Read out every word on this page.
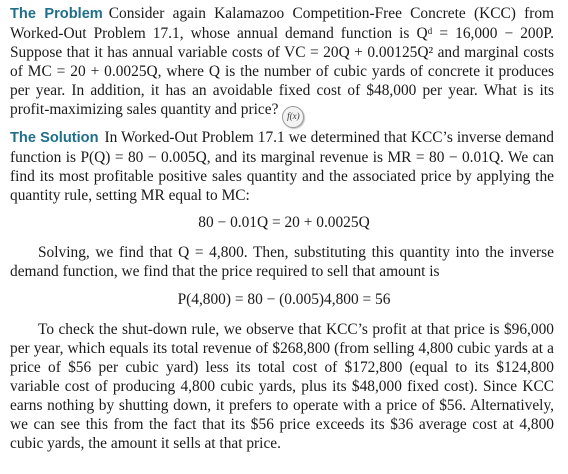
The Problem Consider again Kalamazoo Competition-Free Concrete (KCC) from Worked-Out Problem 17.1, whose annual demand function is Qᵈ = 16,000 − 200P. Suppose that it has annual variable costs of VC = 20Q + 0.00125Q² and marginal costs of MC = 20 + 0.0025Q, where Q is the number of cubic yards of concrete it produces per year. In addition, it has an avoidable fixed cost of $48,000 per year. What is its profit-maximizing sales quantity and price? f(x)

The Solution In Worked-Out Problem 17.1 we determined that KCC’s inverse demand function is P(Q) = 80 − 0.005Q, and its marginal revenue is MR = 80 − 0.01Q. We can find its most profitable positive sales quantity and the associated price by applying the quantity rule, setting MR equal to MC:

80 − 0.01Q = 20 + 0.0025Q

Solving, we find that Q = 4,800. Then, substituting this quantity into the inverse demand function, we find that the price required to sell that amount is

P(4,800) = 80 − (0.005)4,800 = 56

To check the shut-down rule, we observe that KCC’s profit at that price is $96,000 per year, which equals its total revenue of $268,800 (from selling 4,800 cubic yards at a price of $56 per cubic yard) less its total cost of $172,800 (equal to its $124,800 variable cost of producing 4,800 cubic yards, plus its $48,000 fixed cost). Since KCC earns nothing by shutting down, it prefers to operate with a price of $56. Alternatively, we can see this from the fact that its $56 price exceeds its $36 average cost at 4,800 cubic yards, the amount it sells at that price.
